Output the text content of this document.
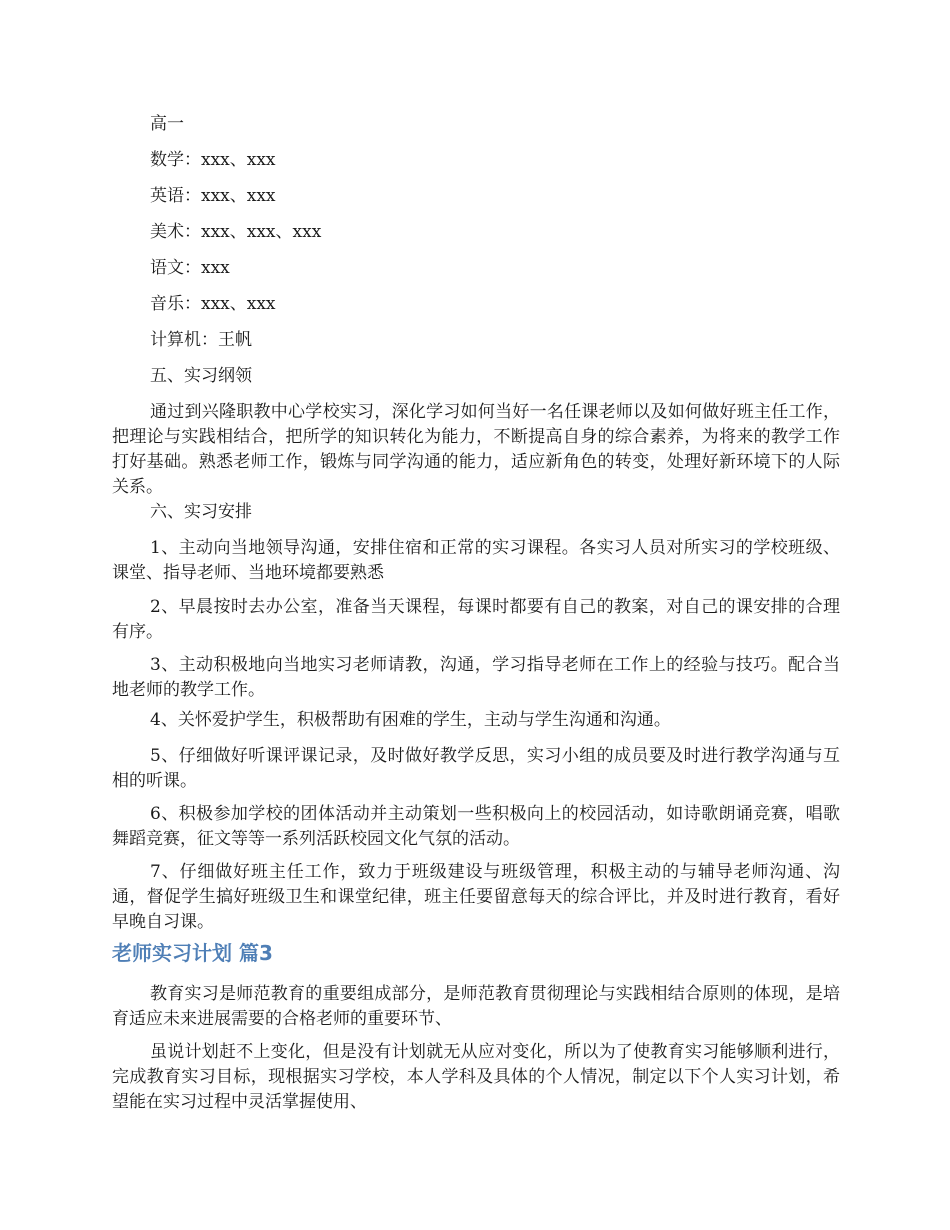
高一

数学：xxx、xxx

英语：xxx、xxx

美术：xxx、xxx、xxx

语文：xxx

音乐：xxx、xxx

计算机：王帆

五、实习纲领

通过到兴隆职教中心学校实习，深化学习如何当好一名任课老师以及如何做好班主任工作，把理论与实践相结合，把所学的知识转化为能力，不断提高自身的综合素养，为将来的教学工作打好基础。熟悉老师工作，锻炼与同学沟通的能力，适应新角色的转变，处理好新环境下的人际关系。

六、实习安排

1、主动向当地领导沟通，安排住宿和正常的实习课程。各实习人员对所实习的学校班级、课堂、指导老师、当地环境都要熟悉

2、早晨按时去办公室，准备当天课程，每课时都要有自己的教案，对自己的课安排的合理有序。

3、主动积极地向当地实习老师请教，沟通，学习指导老师在工作上的经验与技巧。配合当地老师的教学工作。

4、关怀爱护学生，积极帮助有困难的学生，主动与学生沟通和沟通。

5、仔细做好听课评课记录，及时做好教学反思，实习小组的成员要及时进行教学沟通与互相的听课。

6、积极参加学校的团体活动并主动策划一些积极向上的校园活动，如诗歌朗诵竞赛，唱歌舞蹈竞赛，征文等等一系列活跃校园文化气氛的活动。

7、仔细做好班主任工作，致力于班级建设与班级管理，积极主动的与辅导老师沟通、沟通，督促学生搞好班级卫生和课堂纪律，班主任要留意每天的综合评比，并及时进行教育，看好早晚自习课。

老师实习计划 篇3

教育实习是师范教育的重要组成部分，是师范教育贯彻理论与实践相结合原则的体现，是培育适应未来进展需要的合格老师的重要环节、

虽说计划赶不上变化，但是没有计划就无从应对变化，所以为了使教育实习能够顺利进行，完成教育实习目标，现根据实习学校，本人学科及具体的个人情况，制定以下个人实习计划，希望能在实习过程中灵活掌握使用、
